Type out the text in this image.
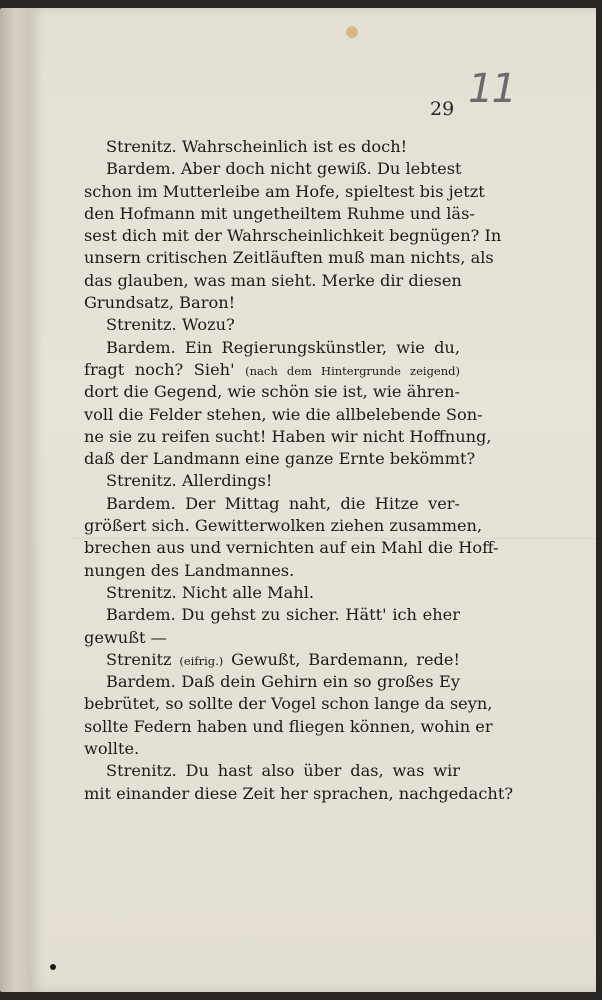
11
29
Strenitz. Wahrscheinlich ist es doch!
Bardem. Aber doch nicht gewiß. Du lebtest
schon im Mutterleibe am Hofe, spieltest bis jetzt
den Hofmann mit ungetheiltem Ruhme und läs-
sest dich mit der Wahrscheinlichkeit begnügen? In
unsern critischen Zeitläuften muß man nichts, als
das glauben, was man sieht. Merke dir diesen
Grundsatz, Baron!
Strenitz. Wozu?
Bardem. Ein Regierungskünstler, wie du,
fragt noch? Sieh' (nach dem Hintergrunde zeigend)
dort die Gegend, wie schön sie ist, wie ähren-
voll die Felder stehen, wie die allbelebende Son-
ne sie zu reifen sucht! Haben wir nicht Hoffnung,
daß der Landmann eine ganze Ernte bekömmt?
Strenitz. Allerdings!
Bardem. Der Mittag naht, die Hitze ver-
größert sich. Gewitterwolken ziehen zusammen,
brechen aus und vernichten auf ein Mahl die Hoff-
nungen des Landmannes.
Strenitz. Nicht alle Mahl.
Bardem. Du gehst zu sicher. Hätt' ich eher
gewußt —
Strenitz (eifrig.) Gewußt, Bardemann, rede!
Bardem. Daß dein Gehirn ein so großes Ey
bebrütet, so sollte der Vogel schon lange da seyn,
sollte Federn haben und fliegen können, wohin er
wollte.
Strenitz. Du hast also über das, was wir
mit einander diese Zeit her sprachen, nachgedacht?
